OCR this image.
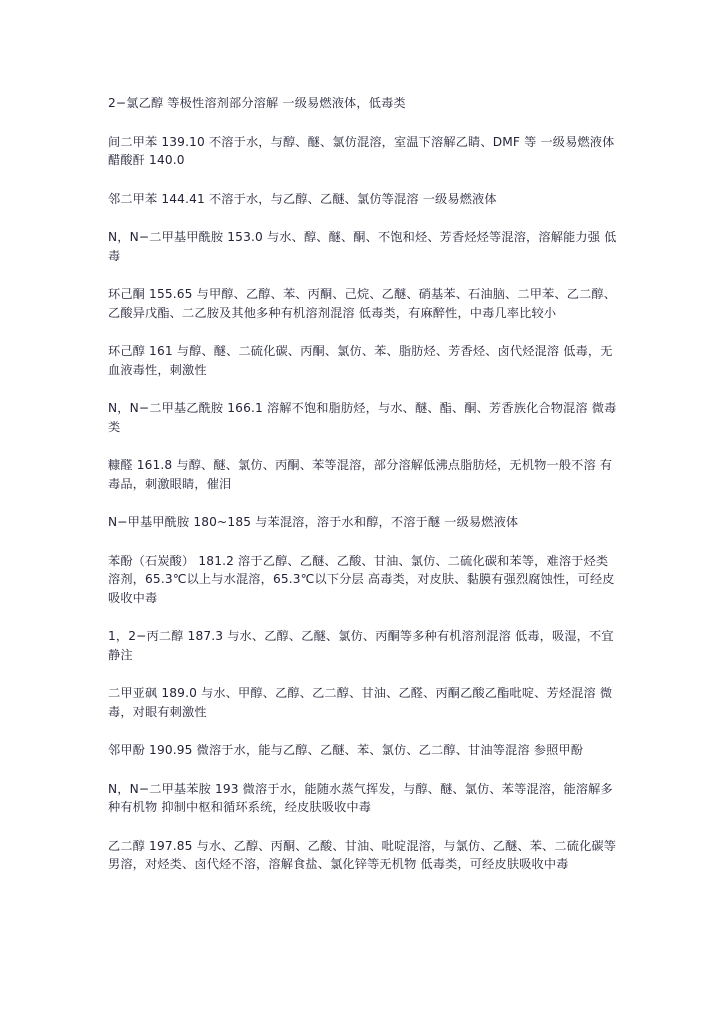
2−氯乙醇 等极性溶剂部分溶解 一级易燃液体，低毒类

间二甲苯 139.10 不溶于水，与醇、醚、氯仿混溶，室温下溶解乙睛、DMF 等 一级易燃液体
醋酸酐 140.0

邻二甲苯 144.41 不溶于水，与乙醇、乙醚、氯仿等混溶 一级易燃液体

N，N−二甲基甲酰胺 153.0 与水、醇、醚、酮、不饱和烃、芳香烃烃等混溶，溶解能力强 低毒

环己酮 155.65 与甲醇、乙醇、苯、丙酮、己烷、乙醚、硝基苯、石油脑、二甲苯、乙二醇、乙酸异戊酯、二乙胺及其他多种有机溶剂混溶 低毒类，有麻醉性，中毒几率比较小

环己醇 161 与醇、醚、二硫化碳、丙酮、氯仿、苯、脂肪烃、芳香烃、卤代烃混溶 低毒，无血液毒性，刺激性

N，N−二甲基乙酰胺 166.1 溶解不饱和脂肪烃，与水、醚、酯、酮、芳香族化合物混溶 微毒类

糠醛 161.8 与醇、醚、氯仿、丙酮、苯等混溶，部分溶解低沸点脂肪烃，无机物一般不溶 有毒品，刺激眼睛，催泪

N−甲基甲酰胺 180~185 与苯混溶，溶于水和醇，不溶于醚 一级易燃液体

苯酚（石炭酸） 181.2 溶于乙醇、乙醚、乙酸、甘油、氯仿、二硫化碳和苯等，难溶于烃类溶剂，65.3℃以上与水混溶，65.3℃以下分层 高毒类，对皮肤、黏膜有强烈腐蚀性，可经皮吸收中毒

1，2−丙二醇 187.3 与水、乙醇、乙醚、氯仿、丙酮等多种有机溶剂混溶 低毒，吸湿，不宜静注

二甲亚砜 189.0 与水、甲醇、乙醇、乙二醇、甘油、乙醛、丙酮乙酸乙酯吡啶、芳烃混溶 微毒，对眼有刺激性

邻甲酚 190.95 微溶于水，能与乙醇、乙醚、苯、氯仿、乙二醇、甘油等混溶 参照甲酚

N，N−二甲基苯胺 193 微溶于水，能随水蒸气挥发，与醇、醚、氯仿、苯等混溶，能溶解多种有机物 抑制中枢和循环系统，经皮肤吸收中毒

乙二醇 197.85 与水、乙醇、丙酮、乙酸、甘油、吡啶混溶，与氯仿、乙醚、苯、二硫化碳等男溶，对烃类、卤代烃不溶，溶解食盐、氯化锌等无机物 低毒类，可经皮肤吸收中毒
